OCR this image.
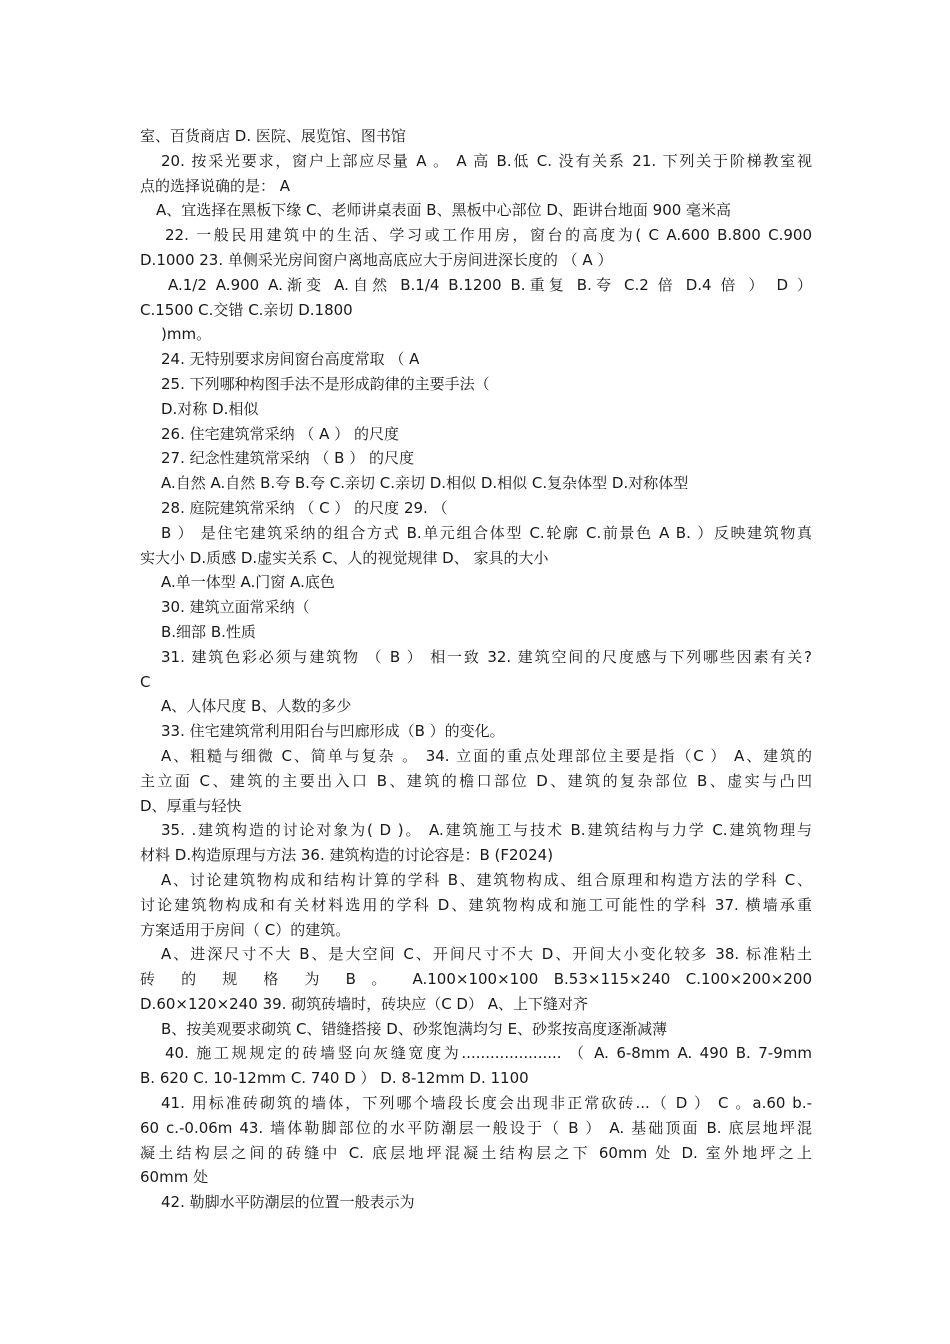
室、百货商店 D. 医院、展览馆、图书馆
20. 按采光要求，窗户上部应尽量 A 。 A 高 B.低 C. 没有关系 21. 下列关于阶梯教室视
点的选择说确的是： A
A、宜选择在黑板下缘 C、老师讲桌表面 B、黑板中心部位 D、距讲台地面 900 毫米高
22. 一般民用建筑中的生活、学习或工作用房，窗台的高度为( C A.600 B.800 C.900
D.1000 23. 单侧采光房间窗户离地高底应大于房间进深长度的 （ A ）
A.1/2 A.900 A.渐变 A.自然 B.1/4 B.1200 B.重复 B.夸 C.2 倍 D.4 倍 ） D ）
C.1500 C.交错 C.亲切 D.1800
)mm。
24. 无特别要求房间窗台高度常取 （ A
25. 下列哪种构图手法不是形成韵律的主要手法（
D.对称 D.相似
26. 住宅建筑常采纳 （ A ） 的尺度
27. 纪念性建筑常采纳 （ B ） 的尺度
A.自然 A.自然 B.夸 B.夸 C.亲切 C.亲切 D.相似 D.相似 C.复杂体型 D.对称体型
28. 庭院建筑常采纳 （ C ） 的尺度 29. （
B ） 是住宅建筑采纳的组合方式 B.单元组合体型 C.轮廓 C.前景色 A B. ）反映建筑物真
实大小 D.质感 D.虚实关系 C、人的视觉规律 D、 家具的大小
A.单一体型 A.门窗 A.底色
30. 建筑立面常采纳（
B.细部 B.性质
31. 建筑色彩必须与建筑物 （ B ） 相一致 32. 建筑空间的尺度感与下列哪些因素有关?
C
A、人体尺度 B、人数的多少
33. 住宅建筑常利用阳台与凹廊形成（B ）的变化。
A、粗糙与细微 C、简单与复杂 。 34. 立面的重点处理部位主要是指（C ） A、建筑的
主立面 C、建筑的主要出入口 B、建筑的檐口部位 D、建筑的复杂部位 B、虚实与凸凹
D、厚重与轻快
35. .建筑构造的讨论对象为( D )。 A.建筑施工与技术 B.建筑结构与力学 C.建筑物理与
材料 D.构造原理与方法 36. 建筑构造的讨论容是：B (F2024)
A、讨论建筑物构成和结构计算的学科 B、建筑物构成、组合原理和构造方法的学科 C、
讨论建筑物构成和有关材料选用的学科 D、建筑物构成和施工可能性的学科 37. 横墙承重
方案适用于房间（ C）的建筑。
A、进深尺寸不大 B、是大空间 C、开间尺寸不大 D、开间大小变化较多 38. 标准粘土
砖 的 规 格 为 B 。 A.100×100×100 B.53×115×240 C.100×200×200
D.60×120×240 39. 砌筑砖墙时，砖块应（C D） A、上下缝对齐
B、按美观要求砌筑 C、错缝搭接 D、砂浆饱满均匀 E、砂浆按高度逐渐减薄
40. 施工规规定的砖墙竖向灰缝宽度为..................... （ A. 6-8mm A. 490 B. 7-9mm
B. 620 C. 10-12mm C. 740 D ） D. 8-12mm D. 1100
41. 用标准砖砌筑的墙体，下列哪个墙段长度会出现非正常砍砖...（ D ） C 。a.60 b.-
60 c.-0.06m 43. 墙体勒脚部位的水平防潮层一般设于（ B ） A. 基础顶面 B. 底层地坪混
凝土结构层之间的砖缝中 C. 底层地坪混凝土结构层之下 60mm 处 D. 室外地坪之上
60mm 处
42. 勒脚水平防潮层的位置一般表示为
